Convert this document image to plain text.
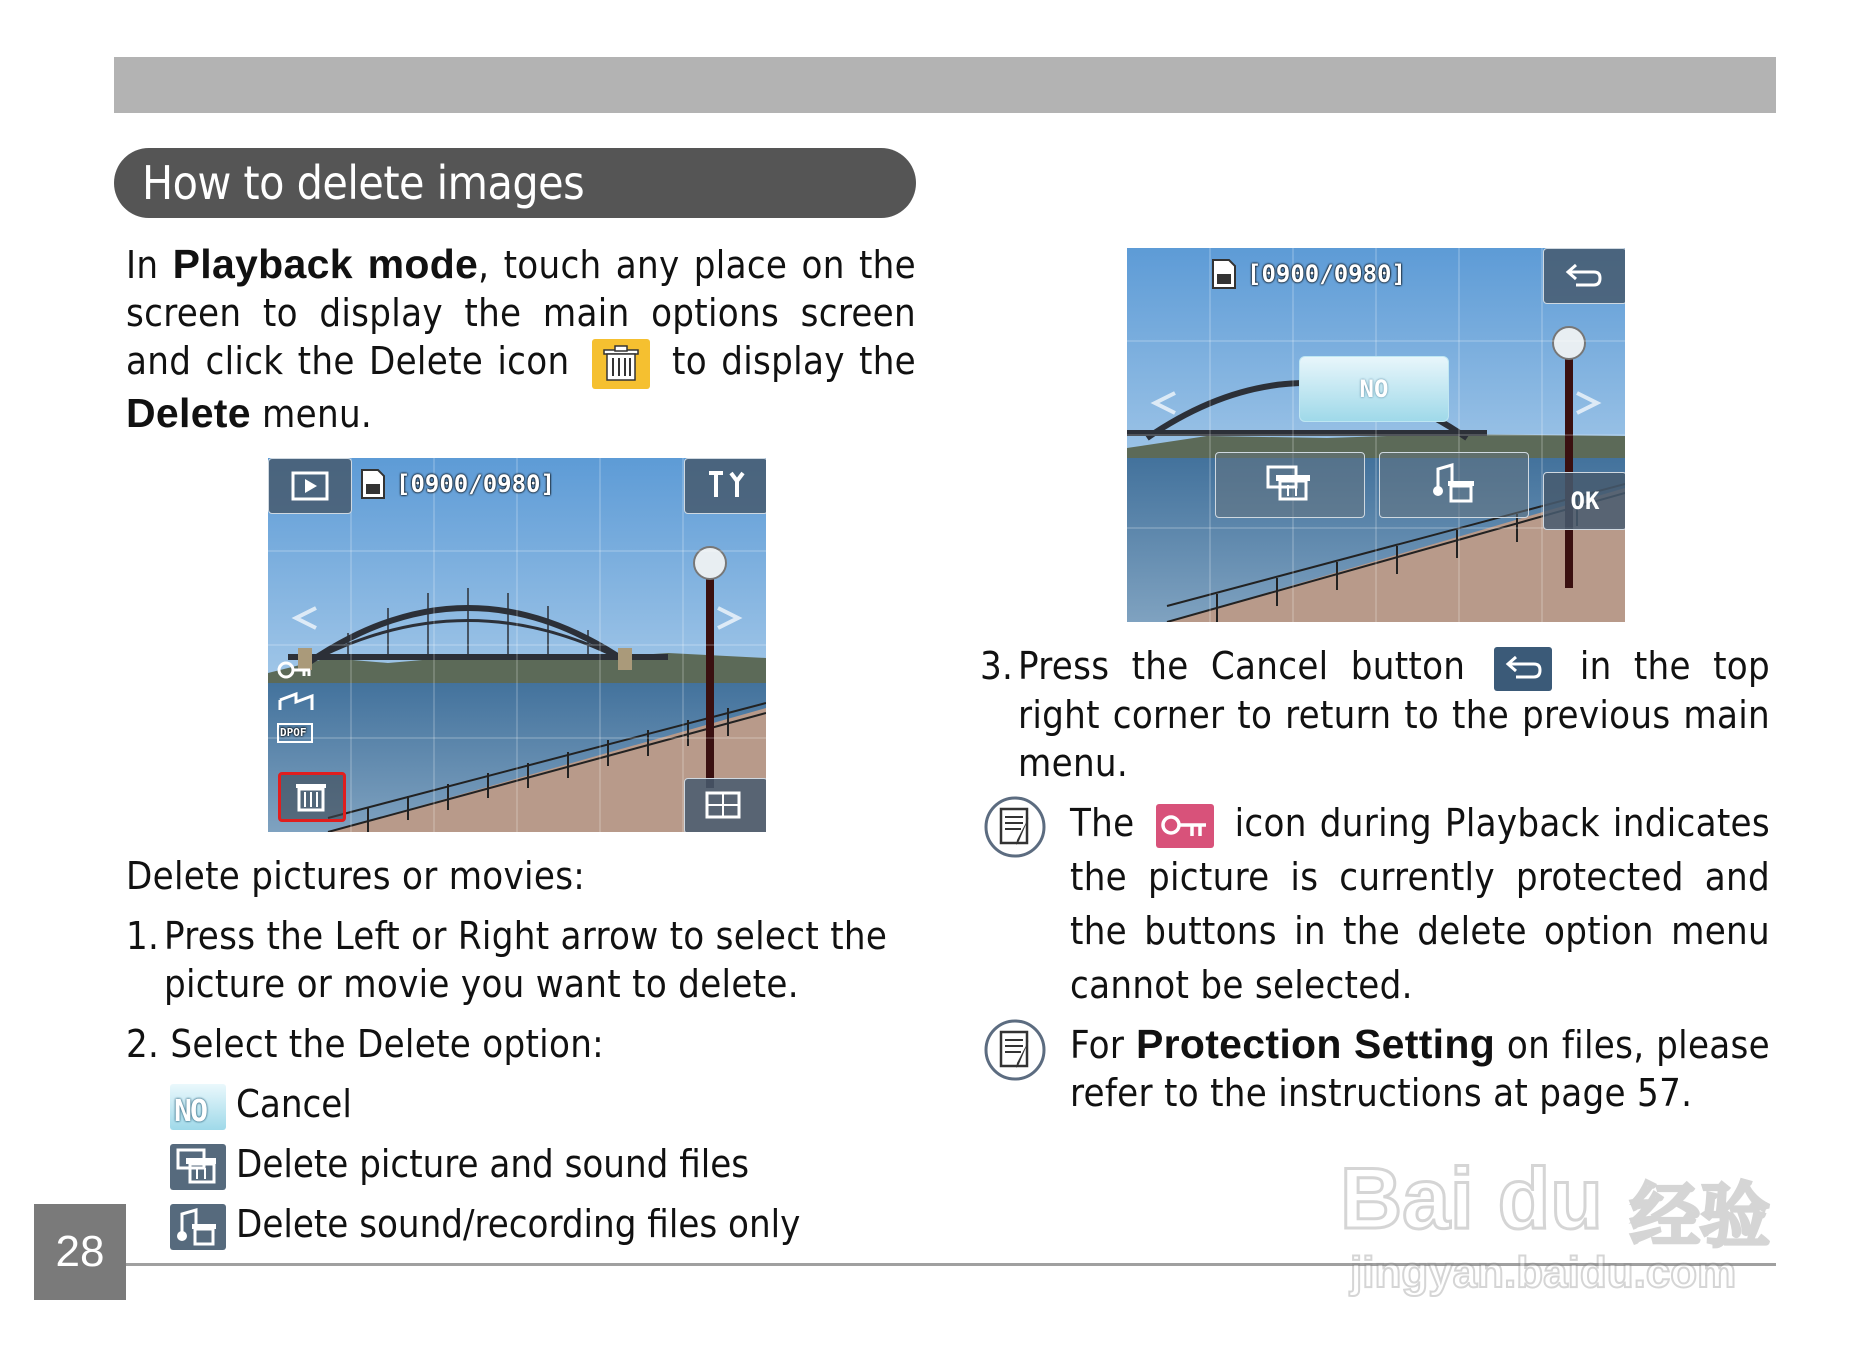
How to delete images
In Playback mode, touch any place on the screen to display the main options screen and click the Delete icon	to display the Delete menu.
[0900/0980]
DPOF
[0900/0980]
NO
OK
Delete pictures or movies:
1. Press the Left or Right arrow to select the picture or movie you want to delete.
2. Select the Delete option:
NO Cancel
Delete picture and sound files
Delete sound/recording files only
3. Press the Cancel button	in the top right corner to return to the previous main menu.
The	icon during Playback indicates the picture is currently protected and the buttons in the delete option menu cannot be selected.
For Protection Setting on files, please refer to the instructions at page 57.
28
Bai du 经验
jingyan.baidu.com
